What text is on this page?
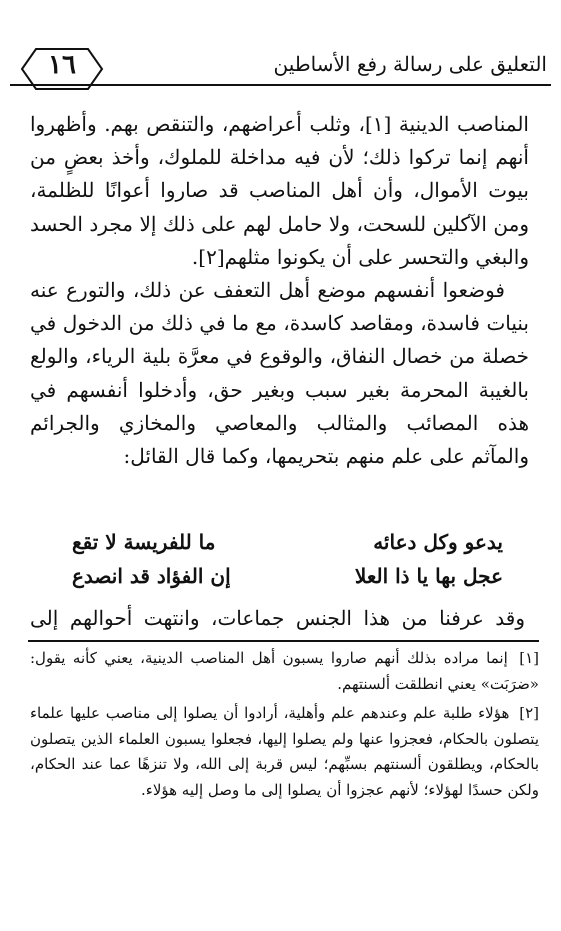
١٦	التعليق على رسالة رفع الأساطين

المناصب الدينية [١]، وثلب أعراضهم، والتنقص بهم. وأظهروا أنهم إنما تركوا ذلك؛ لأن فيه مداخلة للملوك، وأخذ بعضٍ من بيوت الأموال، وأن أهل المناصب قد صاروا أعوانًا للظلمة، ومن الآكلين للسحت، ولا حامل لهم على ذلك إلا مجرد الحسد والبغي والتحسر على أن يكونوا مثلهم[٢].

فوضعوا أنفسهم موضع أهل التعفف عن ذلك، والتورع عنه بنيات فاسدة، ومقاصد كاسدة، مع ما في ذلك من الدخول في خصلة من خصال النفاق، والوقوع في معرَّة بلية الرياء، والولع بالغيبة المحرمة بغير سبب وبغير حق، وأدخلوا أنفسهم في هذه المصائب والمثالب والمعاصي والمخازي والجرائم والمآثم على علم منهم بتحريمها، وكما قال القائل:

يدعو وكل دعائه
ما للفريسة لا تقع
عجل بها يا ذا العلا
إن الفؤاد قد انصدع
وقد عرفنا من هذا الجنس جماعات، وانتهت أحوالهم إلى

[١] إنما مراده بذلك أنهم صاروا يسبون أهل المناصب الدينية، يعني كأنه يقول: «ضرَبَت» يعني انطلقت ألسنتهم.

[٢] هؤلاء طلبة علم وعندهم علم وأهلية، أرادوا أن يصلوا إلى مناصب عليها علماء يتصلون بالحكام، فعجزوا عنها ولم يصلوا إليها، فجعلوا يسبون العلماء الذين يتصلون بالحكام، ويطلقون ألسنتهم بسبِّهم؛ ليس قربة إلى الله، ولا تنزهًا عما عند الحكام، ولكن حسدًا لهؤلاء؛ لأنهم عجزوا أن يصلوا إلى ما وصل إليه هؤلاء.
